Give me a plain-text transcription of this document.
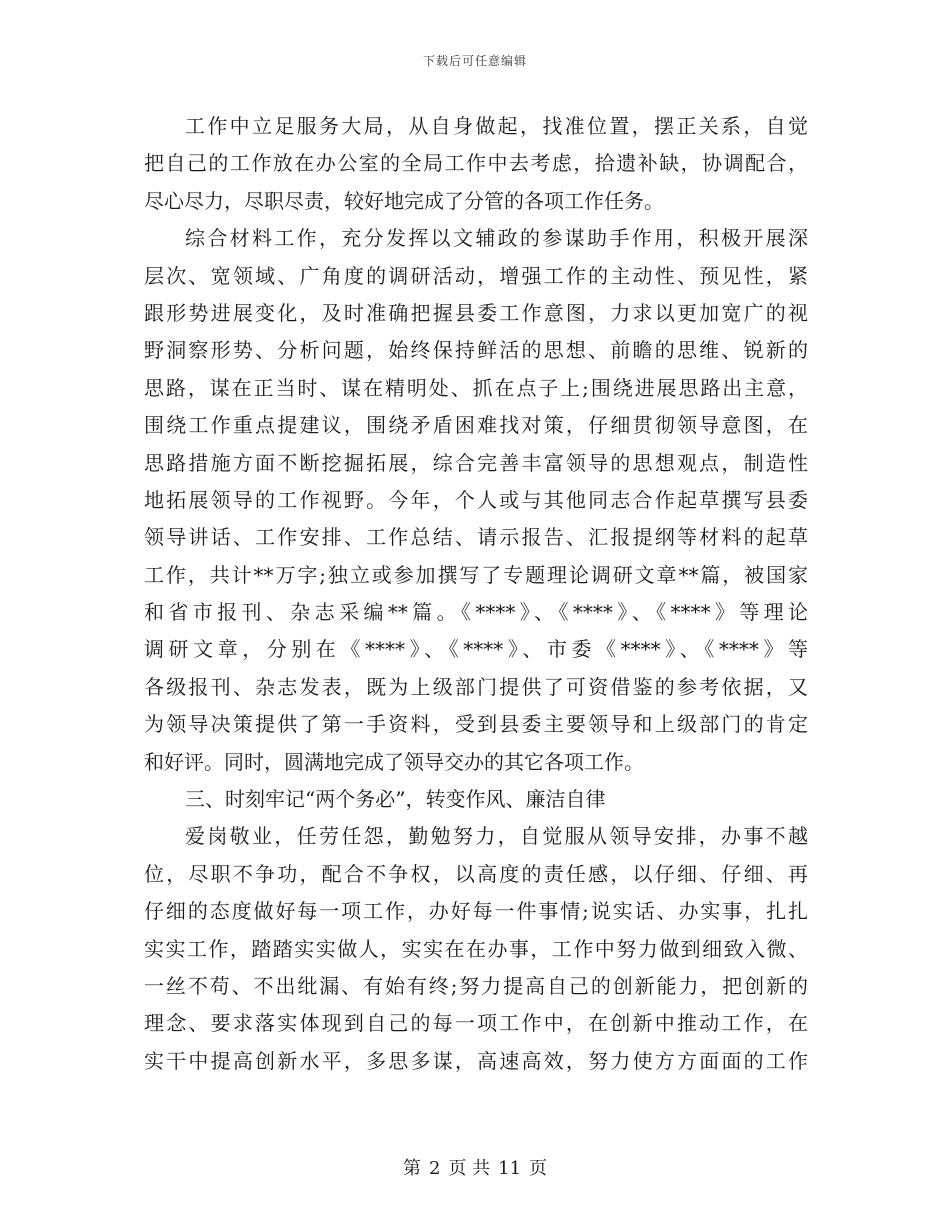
下载后可任意编辑
工作中立足服务大局，从自身做起，找准位置，摆正关系，自觉
把自己的工作放在办公室的全局工作中去考虑，拾遗补缺，协调配合，
尽心尽力，尽职尽责，较好地完成了分管的各项工作任务。
综合材料工作，充分发挥以文辅政的参谋助手作用，积极开展深
层次、宽领域、广角度的调研活动，增强工作的主动性、预见性，紧
跟形势进展变化，及时准确把握县委工作意图，力求以更加宽广的视
野洞察形势、分析问题，始终保持鲜活的思想、前瞻的思维、锐新的
思路，谋在正当时、谋在精明处、抓在点子上;围绕进展思路出主意，
围绕工作重点提建议，围绕矛盾困难找对策，仔细贯彻领导意图，在
思路措施方面不断挖掘拓展，综合完善丰富领导的思想观点，制造性
地拓展领导的工作视野。今年，个人或与其他同志合作起草撰写县委
领导讲话、工作安排、工作总结、请示报告、汇报提纲等材料的起草
工作，共计**万字;独立或参加撰写了专题理论调研文章**篇，被国家
和省市报刊、杂志采编**篇。《****》、《****》、《****》等理论
调研文章，分别在《****》、《****》、市委《****》、《****》等
各级报刊、杂志发表，既为上级部门提供了可资借鉴的参考依据，又
为领导决策提供了第一手资料，受到县委主要领导和上级部门的肯定
和好评。同时，圆满地完成了领导交办的其它各项工作。
三、时刻牢记“两个务必”，转变作风、廉洁自律
爱岗敬业，任劳任怨，勤勉努力，自觉服从领导安排，办事不越
位，尽职不争功，配合不争权，以高度的责任感，以仔细、仔细、再
仔细的态度做好每一项工作，办好每一件事情;说实话、办实事，扎扎
实实工作，踏踏实实做人，实实在在办事，工作中努力做到细致入微、
一丝不苟、不出纰漏、有始有终;努力提高自己的创新能力，把创新的
理念、要求落实体现到自己的每一项工作中，在创新中推动工作，在
实干中提高创新水平，多思多谋，高速高效，努力使方方面面的工作
第 2 页 共 11 页
